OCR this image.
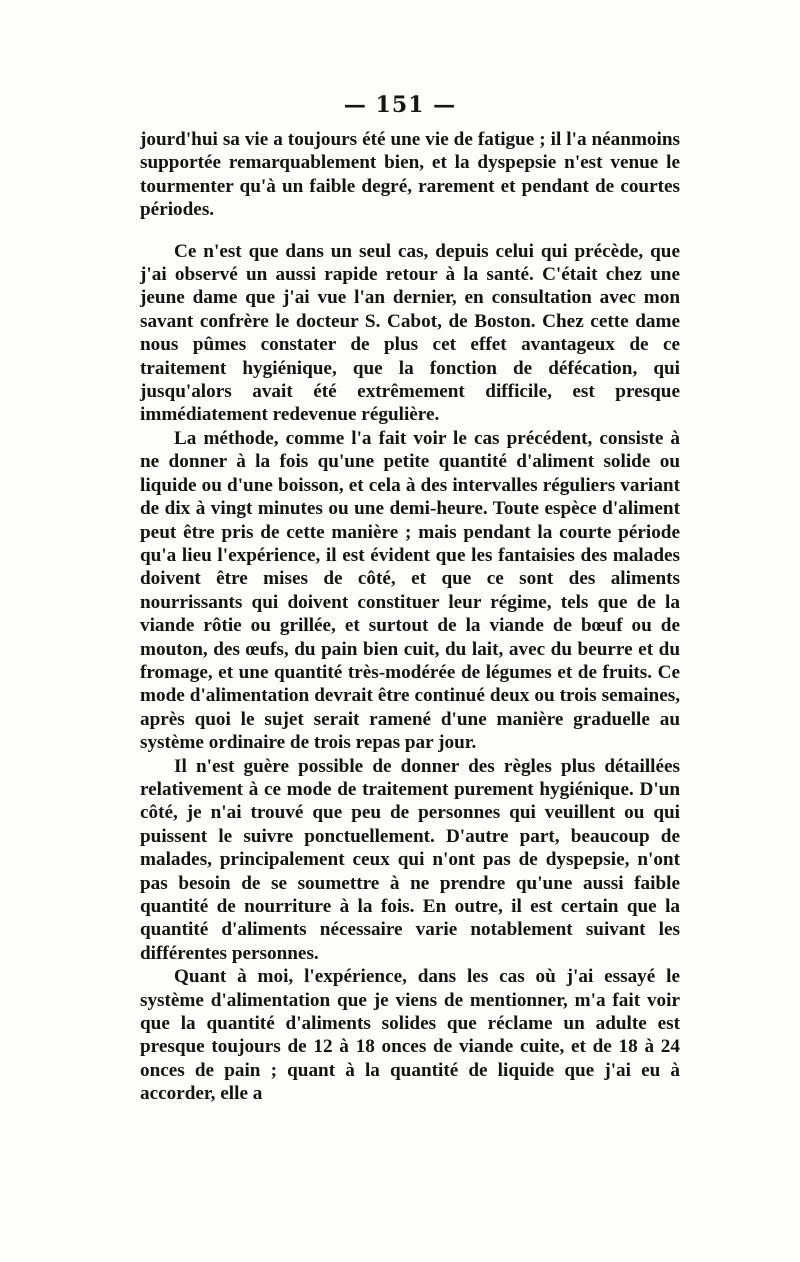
— 151 —

jourd'hui sa vie a toujours été une vie de fatigue ; il l'a néanmoins supportée remarquablement bien, et la dyspepsie n'est venue le tourmenter qu'à un faible degré, rarement et pendant de courtes périodes.

Ce n'est que dans un seul cas, depuis celui qui précède, que j'ai observé un aussi rapide retour à la santé. C'était chez une jeune dame que j'ai vue l'an dernier, en consultation avec mon savant confrère le docteur S. Cabot, de Boston. Chez cette dame nous pûmes constater de plus cet effet avantageux de ce traitement hygiénique, que la fonction de défécation, qui jusqu'alors avait été extrêmement difficile, est presque immédiatement redevenue régulière.

La méthode, comme l'a fait voir le cas précédent, consiste à ne donner à la fois qu'une petite quantité d'aliment solide ou liquide ou d'une boisson, et cela à des intervalles réguliers variant de dix à vingt minutes ou une demi-heure. Toute espèce d'aliment peut être pris de cette manière ; mais pendant la courte période qu'a lieu l'expérience, il est évident que les fantaisies des malades doivent être mises de côté, et que ce sont des aliments nourrissants qui doivent constituer leur régime, tels que de la viande rôtie ou grillée, et surtout de la viande de bœuf ou de mouton, des œufs, du pain bien cuit, du lait, avec du beurre et du fromage, et une quantité très-modérée de légumes et de fruits. Ce mode d'alimentation devrait être continué deux ou trois semaines, après quoi le sujet serait ramené d'une manière graduelle au système ordinaire de trois repas par jour.

Il n'est guère possible de donner des règles plus détaillées relativement à ce mode de traitement purement hygiénique. D'un côté, je n'ai trouvé que peu de personnes qui veuillent ou qui puissent le suivre ponctuellement. D'autre part, beaucoup de malades, principalement ceux qui n'ont pas de dyspepsie, n'ont pas besoin de se soumettre à ne prendre qu'une aussi faible quantité de nourriture à la fois. En outre, il est certain que la quantité d'aliments nécessaire varie notablement suivant les différentes personnes.

Quant à moi, l'expérience, dans les cas où j'ai essayé le système d'alimentation que je viens de mentionner, m'a fait voir que la quantité d'aliments solides que réclame un adulte est presque toujours de 12 à 18 onces de viande cuite, et de 18 à 24 onces de pain ; quant à la quantité de liquide que j'ai eu à accorder, elle a
